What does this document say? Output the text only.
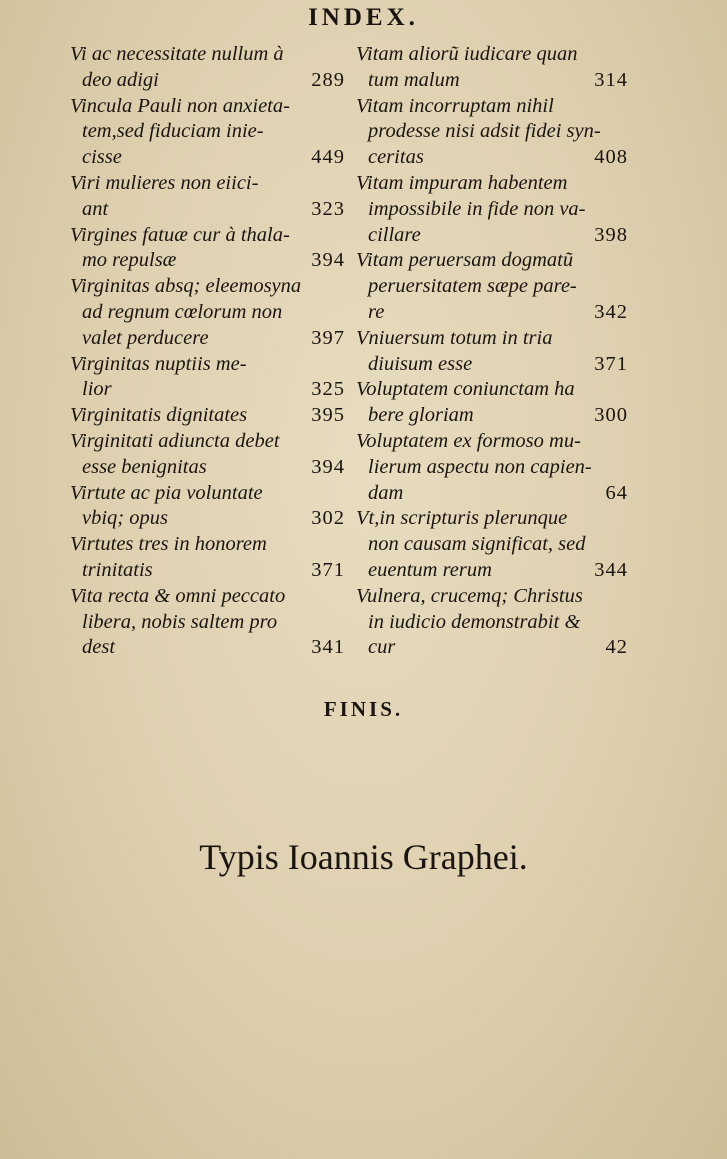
INDEX.
Vi ac necessitate nullum à
deo adigi	289
Vincula Pauli non anxieta-
tem,sed fiduciam inie-
cisse	449
Viri mulieres non eiici-
ant	323
Virgines fatuæ cur à thala-
mo repulsæ	394
Virginitas absq; eleemosyna
ad regnum cœlorum non
valet perducere	397
Virginitas nuptiis me-
lior	325
Virginitatis dignitates	395
Virginitati adiuncta debet
esse benignitas	394
Virtute ac pia voluntate
vbiq; opus	302
Virtutes tres in honorem
trinitatis	371
Vita recta & omni peccato
libera, nobis saltem pro
dest	341
Vitam aliorũ iudicare quan
tum malum	314
Vitam incorruptam nihil
prodesse nisi adsit fidei syn-
ceritas	408
Vitam impuram habentem
impossibile in fide non va-
cillare	398
Vitam peruersam dogmatũ
peruersitatem sæpe pare-
re	342
Vniuersum totum in tria
diuisum esse	371
Voluptatem coniunctam ha
bere gloriam	300
Voluptatem ex formoso mu-
lierum aspectu non capien-
dam	64
Vt,in scripturis plerunque
non causam significat, sed
euentum rerum	344
Vulnera, crucemq; Christus
in iudicio demonstrabit &
cur	42
FINIS.
Typis Ioannis Graphei.
